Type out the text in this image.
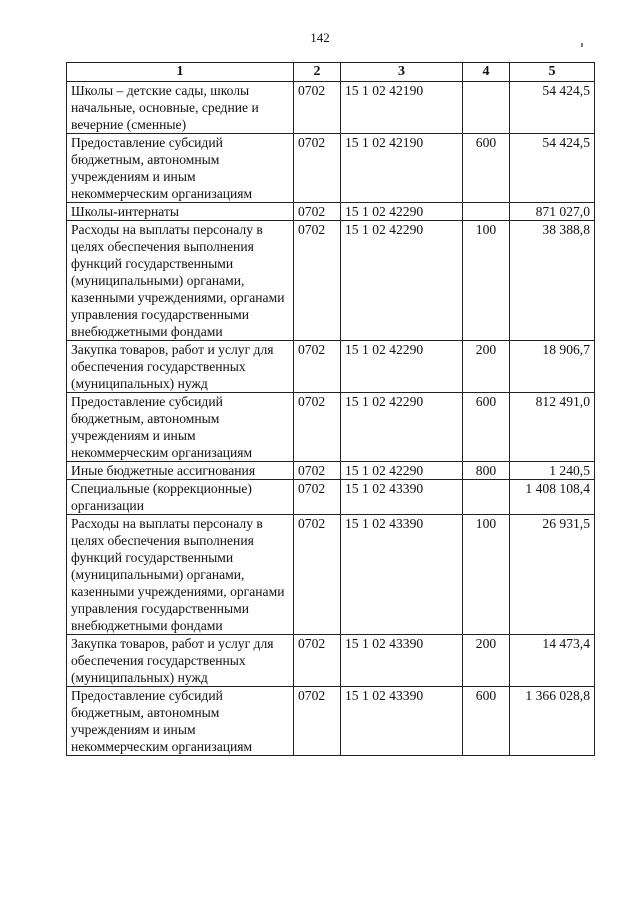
142
1	2	3	4	5
Школы – детские сады, школы начальные, основные, средние и вечерние (сменные)	0702	15 1 02 42190		54 424,5
Предоставление субсидий бюджетным, автономным учреждениям и иным некоммерческим организациям	0702	15 1 02 42190	600	54 424,5
Школы-интернаты	0702	15 1 02 42290		871 027,0
Расходы на выплаты персоналу в целях обеспечения выполнения функций государственными (муниципальными) органами, казенными учреждениями, органами управления государственными внебюджетными фондами	0702	15 1 02 42290	100	38 388,8
Закупка товаров, работ и услуг для обеспечения государственных (муниципальных) нужд	0702	15 1 02 42290	200	18 906,7
Предоставление субсидий бюджетным, автономным учреждениям и иным некоммерческим организациям	0702	15 1 02 42290	600	812 491,0
Иные бюджетные ассигнования	0702	15 1 02 42290	800	1 240,5
Специальные (коррекционные) организации	0702	15 1 02 43390		1 408 108,4
Расходы на выплаты персоналу в целях обеспечения выполнения функций государственными (муниципальными) органами, казенными учреждениями, органами управления государственными внебюджетными фондами	0702	15 1 02 43390	100	26 931,5
Закупка товаров, работ и услуг для обеспечения государственных (муниципальных) нужд	0702	15 1 02 43390	200	14 473,4
Предоставление субсидий бюджетным, автономным учреждениям и иным некоммерческим организациям	0702	15 1 02 43390	600	1 366 028,8
